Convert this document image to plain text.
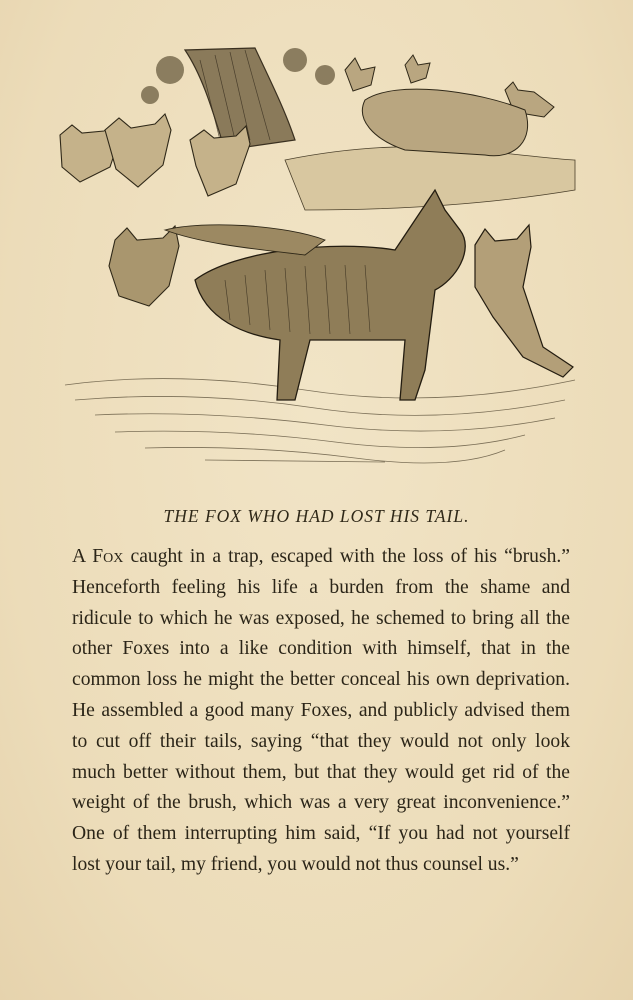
THE FOX WHO HAD LOST HIS TAIL.

A Fox caught in a trap, escaped with the loss of his “brush.” Henceforth feeling his life a burden from the shame and ridicule to which he was exposed, he schemed to bring all the other Foxes into a like condition with himself, that in the common loss he might the better conceal his own deprivation. He assembled a good many Foxes, and publicly advised them to cut off their tails, saying “that they would not only look much better without them, but that they would get rid of the weight of the brush, which was a very great inconvenience.” One of them interrupting him said, “If you had not yourself lost your tail, my friend, you would not thus counsel us.”
